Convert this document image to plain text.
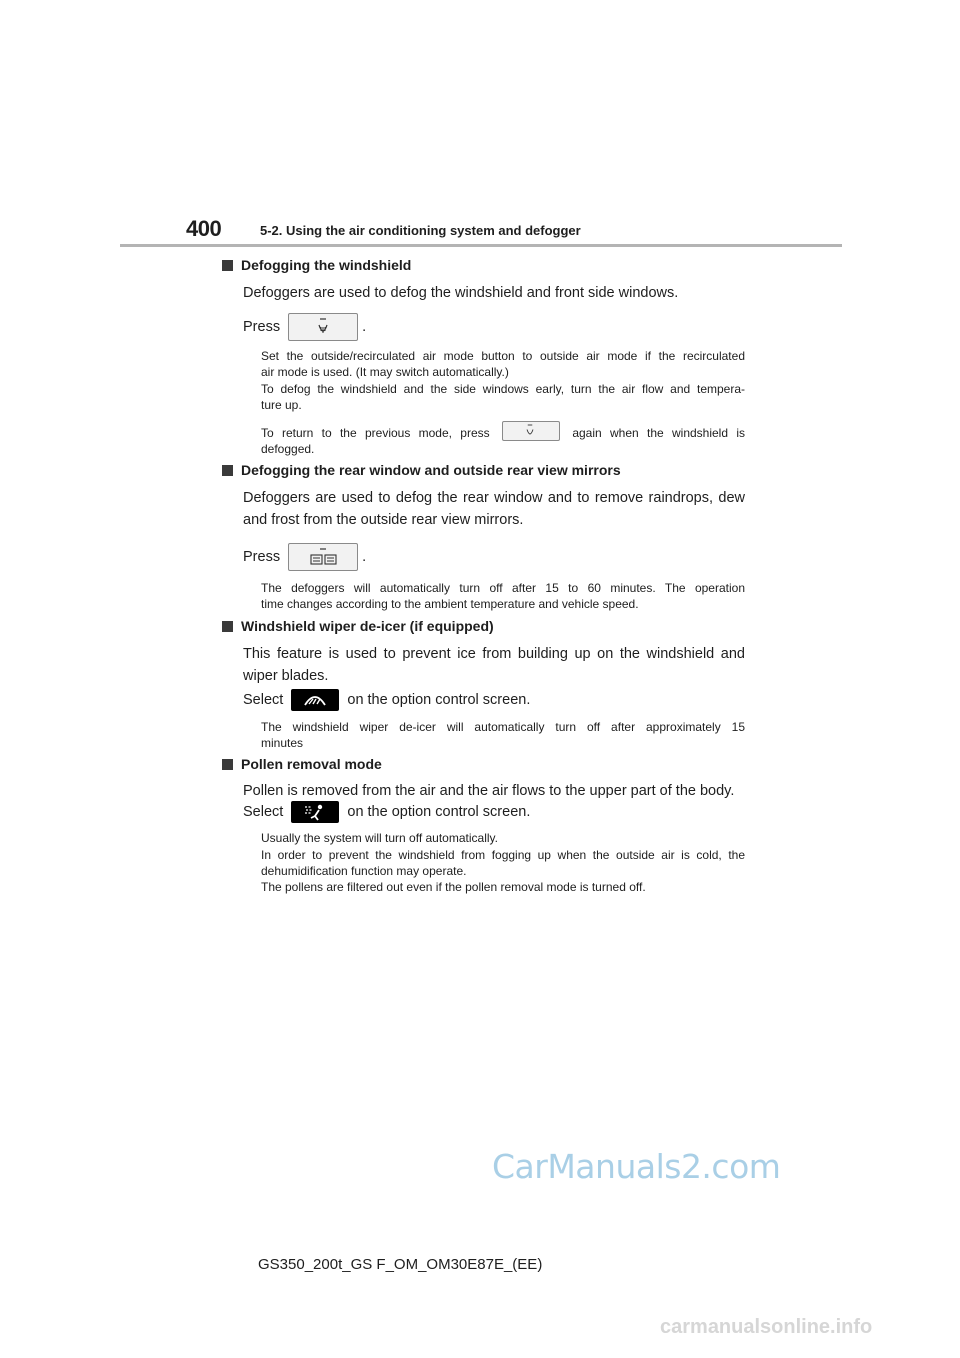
400	5-2. Using the air conditioning system and defogger
Defogging the windshield
Defoggers are used to defog the windshield and front side windows.
Press	.
Set the outside/recirculated air mode button to outside air mode if the recirculated
air mode is used. (It may switch automatically.)
To defog the windshield and the side windows early, turn the air flow and tempera-
ture up.
To return to the previous mode, press	again when the windshield is
defogged.
Defogging the rear window and outside rear view mirrors
Defoggers are used to defog the rear window and to remove raindrops, dew
and frost from the outside rear view mirrors.
Press	.
The defoggers will automatically turn off after 15 to 60 minutes. The operation
time changes according to the ambient temperature and vehicle speed.
Windshield wiper de-icer (if equipped)
This feature is used to prevent ice from building up on the windshield and
wiper blades.
Select	on the option control screen.
The windshield wiper de-icer will automatically turn off after approximately 15
minutes
Pollen removal mode
Pollen is removed from the air and the air flows to the upper part of the body.
Select	on the option control screen.
Usually the system will turn off automatically.
In order to prevent the windshield from fogging up when the outside air is cold, the
dehumidification function may operate.
The pollens are filtered out even if the pollen removal mode is turned off.
CarManuals2.com
GS350_200t_GS F_OM_OM30E87E_(EE)
carmanualsonline.info
